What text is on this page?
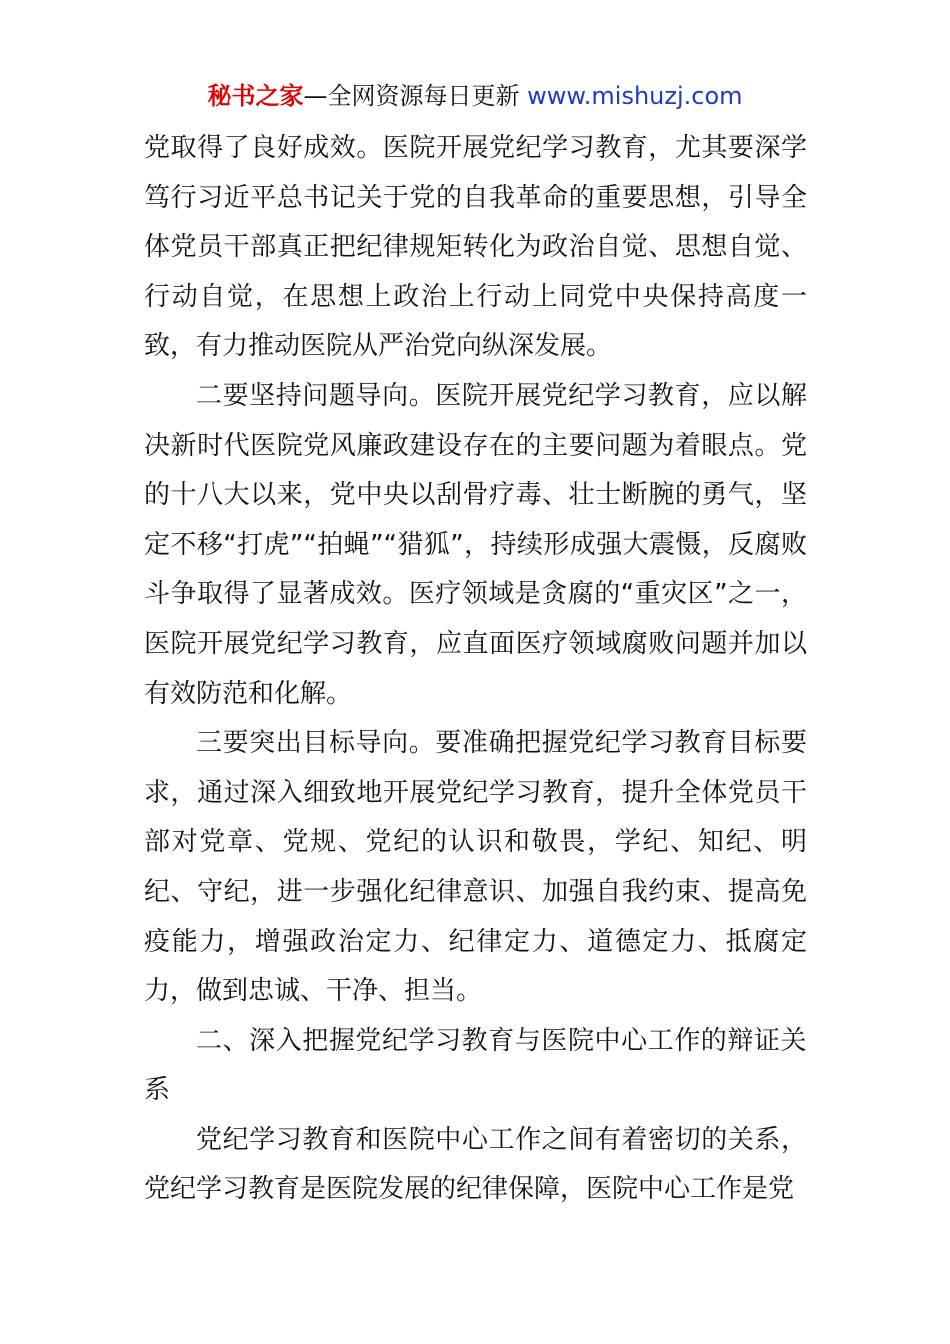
秘书之家—全网资源每日更新 www.mishuzj.com

党取得了良好成效。医院开展党纪学习教育，尤其要深学笃行习近平总书记关于党的自我革命的重要思想，引导全体党员干部真正把纪律规矩转化为政治自觉、思想自觉、行动自觉，在思想上政治上行动上同党中央保持高度一致，有力推动医院从严治党向纵深发展。

二要坚持问题导向。医院开展党纪学习教育，应以解决新时代医院党风廉政建设存在的主要问题为着眼点。党的十八大以来，党中央以刮骨疗毒、壮士断腕的勇气，坚定不移“打虎”“拍蝇”“猎狐”，持续形成强大震慑，反腐败斗争取得了显著成效。医疗领域是贪腐的“重灾区”之一，医院开展党纪学习教育，应直面医疗领域腐败问题并加以有效防范和化解。

三要突出目标导向。要准确把握党纪学习教育目标要求，通过深入细致地开展党纪学习教育，提升全体党员干部对党章、党规、党纪的认识和敬畏，学纪、知纪、明纪、守纪，进一步强化纪律意识、加强自我约束、提高免疫能力，增强政治定力、纪律定力、道德定力、抵腐定力，做到忠诚、干净、担当。

二、深入把握党纪学习教育与医院中心工作的辩证关系

党纪学习教育和医院中心工作之间有着密切的关系，党纪学习教育是医院发展的纪律保障，医院中心工作是党
